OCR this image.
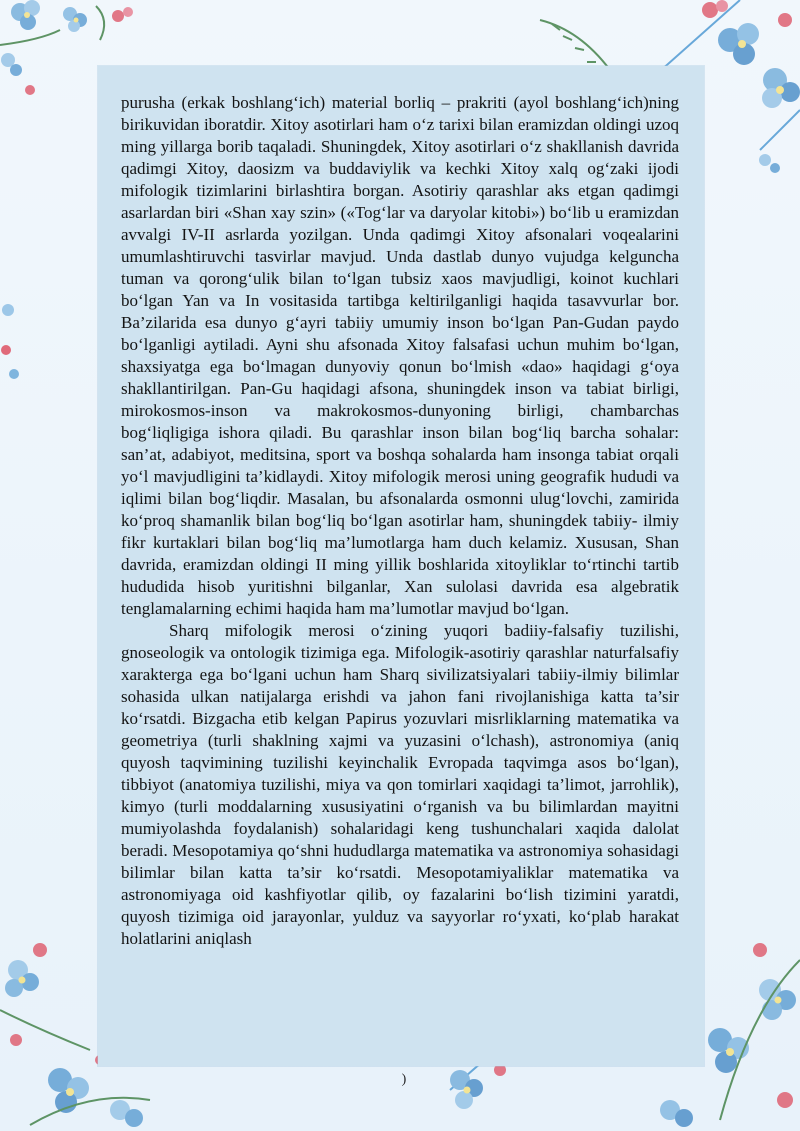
purusha (erkak boshlang‘ich) material borliq – prakriti (ayol boshlang‘ich)ning birikuvidan iboratdir. Xitoy asotirlari ham o‘z tarixi bilan eramizdan oldingi uzoq ming yillarga borib taqaladi. Shuningdek, Xitoy asotirlari o‘z shakllanish davrida qadimgi Xitoy, daosizm va buddaviylik va kechki Xitoy xalq og‘zaki ijodi mifologik tizimlarini birlashtira borgan. Asotiriy qarashlar aks etgan qadimgi asarlardan biri «Shan xay szin» («Tog‘lar va daryolar kitobi») bo‘lib u eramizdan avvalgi IV-II asrlarda yozilgan. Unda qadimgi Xitoy afsonalari voqealarini umumlashtiruvchi tasvirlar mavjud. Unda dastlab dunyo vujudga kelguncha tuman va qorong‘ulik bilan to‘lgan tubsiz xaos mavjudligi, koinot kuchlari bo‘lgan Yan va In vositasida tartibga keltirilganligi haqida tasavvurlar bor. Ba’zilarida esa dunyo g‘ayri tabiiy umumiy inson bo‘lgan Pan-Gudan paydo bo‘lganligi aytiladi. Ayni shu afsonada Xitoy falsafasi uchun muhim bo‘lgan, shaxsiyatga ega bo‘lmagan dunyoviy qonun bo‘lmish «dao» haqidagi g‘oya shakllantirilgan. Pan-Gu haqidagi afsona, shuningdek inson va tabiat birligi, mirokosmos-inson va makrokosmos-dunyoning birligi, chambarchas bog‘liqligiga ishora qiladi. Bu qarashlar inson bilan bog‘liq barcha sohalar: san’at, adabiyot, meditsina, sport va boshqa sohalarda ham insonga tabiat orqali yo‘l mavjudligini ta’kidlaydi. Xitoy mifologik merosi uning geografik hududi va iqlimi bilan bog‘liqdir. Masalan, bu afsonalarda osmonni ulug‘lovchi, zamirida ko‘proq shamanlik bilan bog‘liq bo‘lgan asotirlar ham, shuningdek tabiiy- ilmiy fikr kurtaklari bilan bog‘liq ma’lumotlarga ham duch kelamiz. Xususan, Shan davrida, eramizdan oldingi II ming yillik boshlarida xitoyliklar to‘rtinchi tartib hududida hisob yuritishni bilganlar, Xan sulolasi davrida esa algebratik tenglamalarning echimi haqida ham ma’lumotlar mavjud bo‘lgan.

Sharq mifologik merosi o‘zining yuqori badiiy-falsafiy tuzilishi, gnoseologik va ontologik tizimiga ega. Mifologik-asotiriy qarashlar naturfalsafiy xarakterga ega bo‘lgani uchun ham Sharq sivilizatsiyalari tabiiy-ilmiy bilimlar sohasida ulkan natijalarga erishdi va jahon fani rivojlanishiga katta ta’sir ko‘rsatdi. Bizgacha etib kelgan Papirus yozuvlari misrliklarning matematika va geometriya (turli shaklning xajmi va yuzasini o‘lchash), astronomiya (aniq quyosh taqvimining tuzilishi keyinchalik Evropada taqvimga asos bo‘lgan), tibbiyot (anatomiya tuzilishi, miya va qon tomirlari xaqidagi ta’limot, jarrohlik), kimyo (turli moddalarning xususiyatini o‘rganish va bu bilimlardan mayitni mumiyolashda foydalanish) sohalaridagi keng tushunchalari xaqida dalolat beradi. Mesopotamiya qo‘shni hududlarga matematika va astronomiya sohasidagi bilimlar bilan katta ta’sir ko‘rsatdi. Mesopotamiyaliklar matematika va astronomiyaga oid kashfiyotlar qilib, oy fazalarini bo‘lish tizimini yaratdi, quyosh tizimiga oid jarayonlar, yulduz va sayyorlar ro‘yxati, ko‘plab harakat holatlarini aniqlash

)
